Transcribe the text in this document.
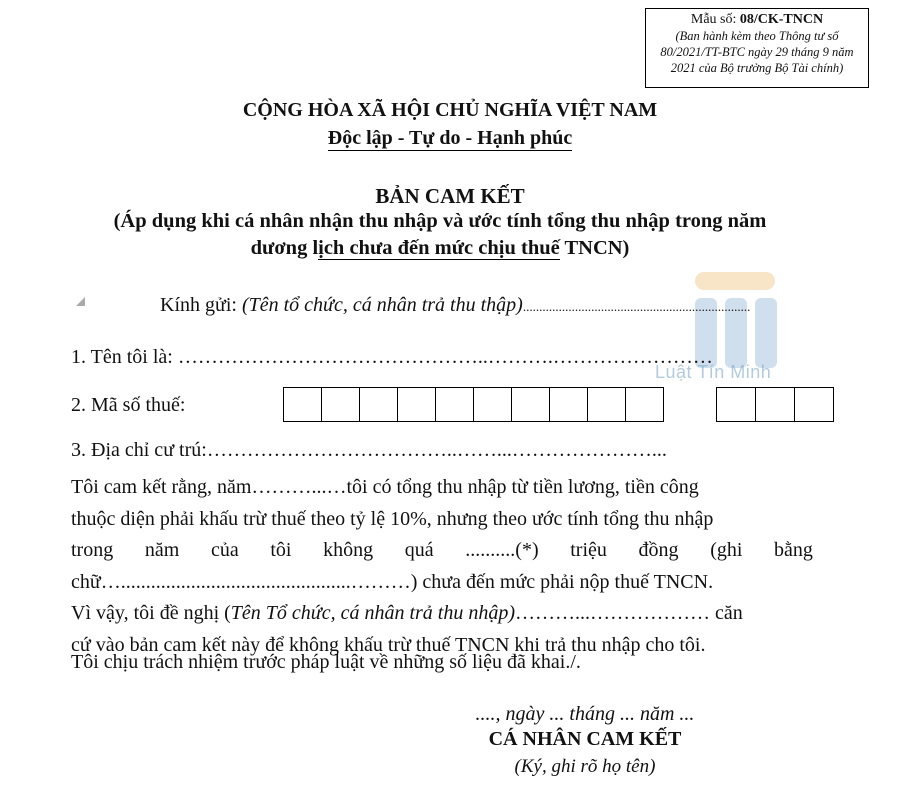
Mẫu số: 08/CK-TNCN
(Ban hành kèm theo Thông tư số
80/2021/TT-BTC ngày 29 tháng 9 năm
2021 của Bộ trưởng Bộ Tài chính)
Luật Tín Minh
CỘNG HÒA XÃ HỘI CHỦ NGHĨA VIỆT NAM
Độc lập - Tự do - Hạnh phúc
BẢN CAM KẾT
(Áp dụng khi cá nhân nhận thu nhập và ước tính tổng thu nhập trong năm
dương lịch chưa đến mức chịu thuế TNCN)
Kính gửi: (Tên tổ chức, cá nhân trả thu thập)......................................................................
1. Tên tôi là: ………………………………………..……….……………………
2. Mã số thuế:
3. Địa chỉ cư trú:………………………………..……...…………………...
Tôi cam kết rằng, năm………...…tôi có tổng thu nhập từ tiền lương, tiền công
thuộc diện phải khấu trừ thuế theo tỷ lệ 10%, nhưng theo ước tính tổng thu nhập
trong năm của tôi không quá ..........(*) triệu đồng (ghi bằng
chữ…..............................................………) chưa đến mức phải nộp thuế TNCN.
Vì vậy, tôi đề nghị (Tên Tổ chức, cá nhân trả thu nhập)………...……………… căn
cứ vào bản cam kết này để không khấu trừ thuế TNCN khi trả thu nhập cho tôi.
Tôi chịu trách nhiệm trước pháp luật về những số liệu đã khai./.
...., ngày ... tháng ... năm ...
CÁ NHÂN CAM KẾT
(Ký, ghi rõ họ tên)
